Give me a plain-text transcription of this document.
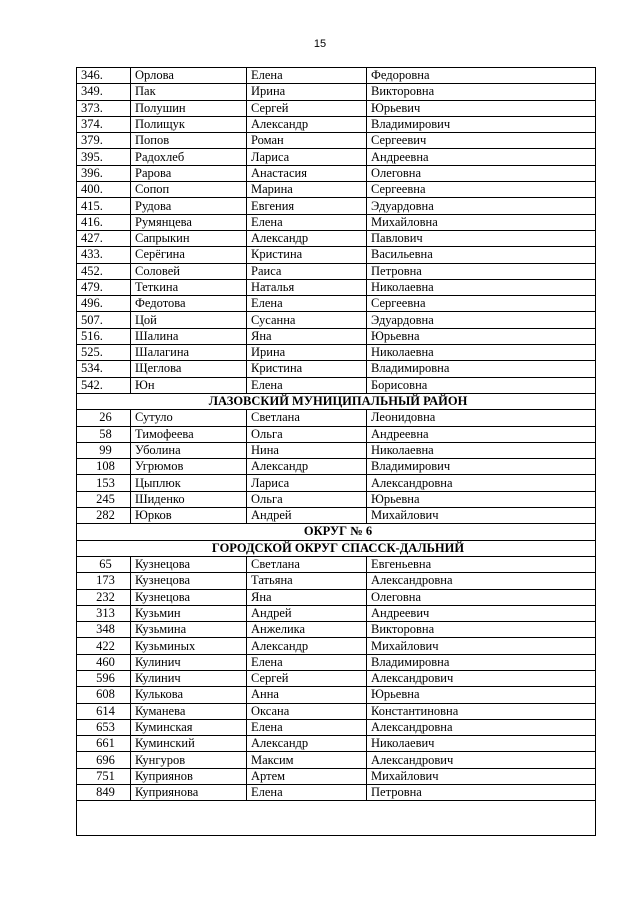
15
346.	Орлова	Елена	Федоровна
349.	Пак	Ирина	Викторовна
373.	Полушин	Сергей	Юрьевич
374.	Полищук	Александр	Владимирович
379.	Попов	Роман	Сергеевич
395.	Радохлеб	Лариса	Андреевна
396.	Рарова	Анастасия	Олеговна
400.	Сопоп	Марина	Сергеевна
415.	Рудова	Евгения	Эдуардовна
416.	Румянцева	Елена	Михайловна
427.	Сапрыкин	Александр	Павлович
433.	Серёгина	Кристина	Васильевна
452.	Соловей	Раиса	Петровна
479.	Теткина	Наталья	Николаевна
496.	Федотова	Елена	Сергеевна
507.	Цой	Сусанна	Эдуардовна
516.	Шалина	Яна	Юрьевна
525.	Шалагина	Ирина	Николаевна
534.	Щеглова	Кристина	Владимировна
542.	Юн	Елена	Борисовна
ЛАЗОВСКИЙ МУНИЦИПАЛЬНЫЙ РАЙОН			
26	Сутуло	Светлана	Леонидовна
58	Тимофеева	Ольга	Андреевна
99	Уболина	Нина	Николаевна
108	Угрюмов	Александр	Владимирович
153	Цыплюк	Лариса	Александровна
245	Шиденко	Ольга	Юрьевна
282	Юрков	Андрей	Михайлович
ОКРУГ № 6			
ГОРОДСКОЙ ОКРУГ СПАССК-ДАЛЬНИЙ			
65	Кузнецова	Светлана	Евгеньевна
173	Кузнецова	Татьяна	Александровна
232	Кузнецова	Яна	Олеговна
313	Кузьмин	Андрей	Андреевич
348	Кузьмина	Анжелика	Викторовна
422	Кузьминых	Александр	Михайлович
460	Кулинич	Елена	Владимировна
596	Кулинич	Сергей	Александрович
608	Кулькова	Анна	Юрьевна
614	Куманева	Оксана	Константиновна
653	Куминская	Елена	Александровна
661	Куминский	Александр	Николаевич
696	Кунгуров	Максим	Александрович
751	Куприянов	Артем	Михайлович
849	Куприянова	Елена	Петровна
